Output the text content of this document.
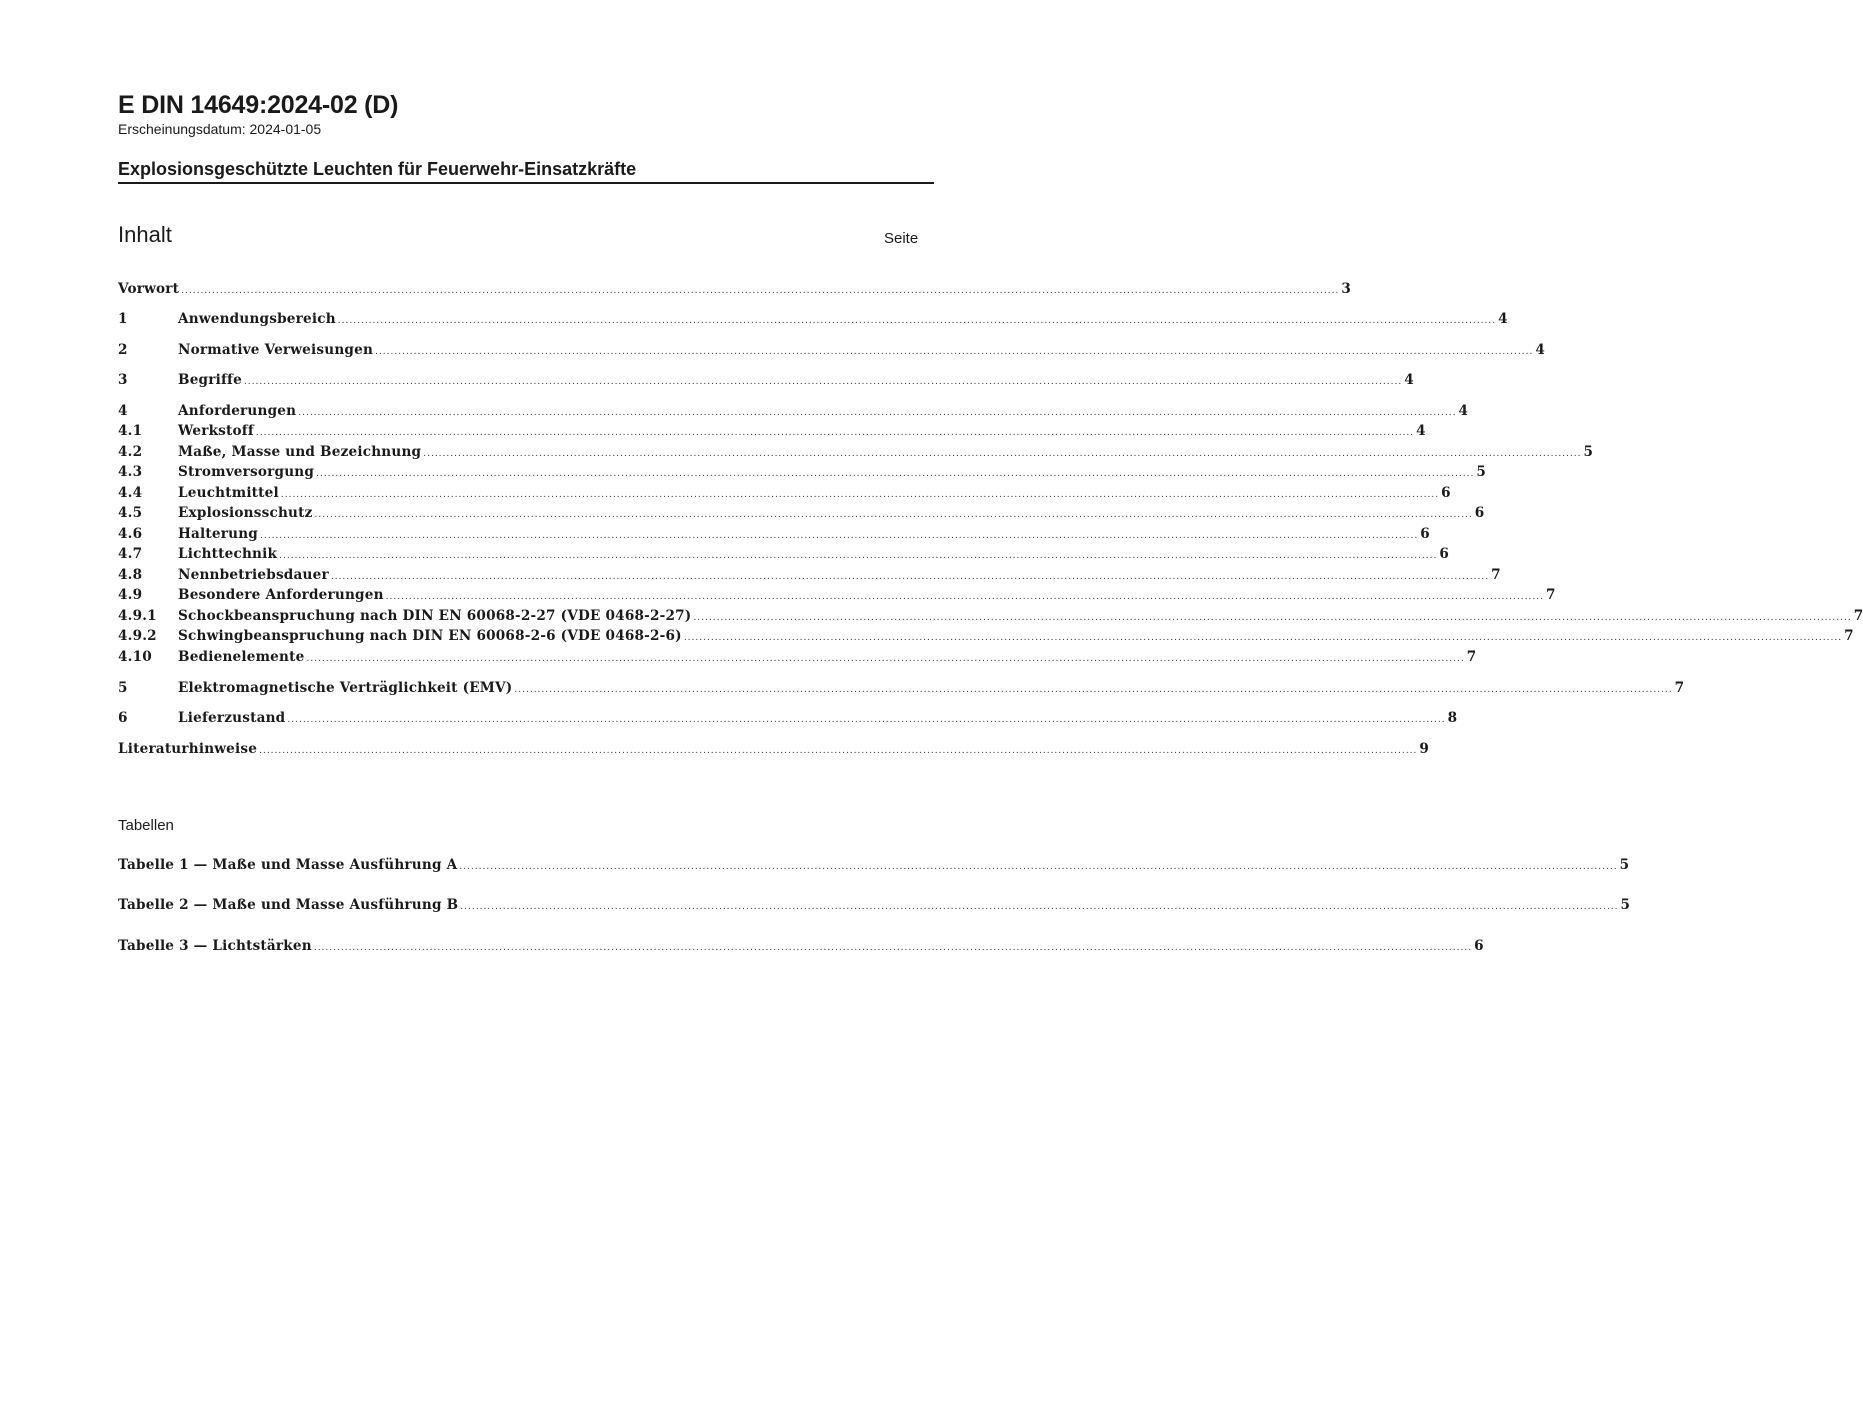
E DIN 14649:2024-02 (D)
Erscheinungsdatum: 2024-01-05
Explosionsgeschützte Leuchten für Feuerwehr-Einsatzkräfte
Inhalt	Seite
Vorwort ............................................................................................................................................................................................................................................................................................................ 3
1	Anwendungsbereich ............................................................................................................................................................................................................................................................................................................ 4
2	Normative Verweisungen ............................................................................................................................................................................................................................................................................................................ 4
3	Begriffe ............................................................................................................................................................................................................................................................................................................ 4
4	Anforderungen ............................................................................................................................................................................................................................................................................................................ 4
4.1	Werkstoff ............................................................................................................................................................................................................................................................................................................ 4
4.2	Maße, Masse und Bezeichnung ............................................................................................................................................................................................................................................................................................................ 5
4.3	Stromversorgung ............................................................................................................................................................................................................................................................................................................ 5
4.4	Leuchtmittel ............................................................................................................................................................................................................................................................................................................ 6
4.5	Explosionsschutz ............................................................................................................................................................................................................................................................................................................ 6
4.6	Halterung ............................................................................................................................................................................................................................................................................................................ 6
4.7	Lichttechnik ............................................................................................................................................................................................................................................................................................................ 6
4.8	Nennbetriebsdauer ............................................................................................................................................................................................................................................................................................................ 7
4.9	Besondere Anforderungen ............................................................................................................................................................................................................................................................................................................ 7
4.9.1	Schockbeanspruchung nach DIN EN 60068-2-27 (VDE 0468-2-27) ............................................................................................................................................................................................................................................................................................................ 7
4.9.2	Schwingbeanspruchung nach DIN EN 60068-2-6 (VDE 0468-2-6) ............................................................................................................................................................................................................................................................................................................ 7
4.10	Bedienelemente ............................................................................................................................................................................................................................................................................................................ 7
5	Elektromagnetische Verträglichkeit (EMV) ............................................................................................................................................................................................................................................................................................................ 7
6	Lieferzustand ............................................................................................................................................................................................................................................................................................................ 8
Literaturhinweise ............................................................................................................................................................................................................................................................................................................ 9
Tabellen
Tabelle 1 — Maße und Masse Ausführung A ............................................................................................................................................................................................................................................................................................................ 5
Tabelle 2 — Maße und Masse Ausführung B ............................................................................................................................................................................................................................................................................................................ 5
Tabelle 3 — Lichtstärken ............................................................................................................................................................................................................................................................................................................ 6
